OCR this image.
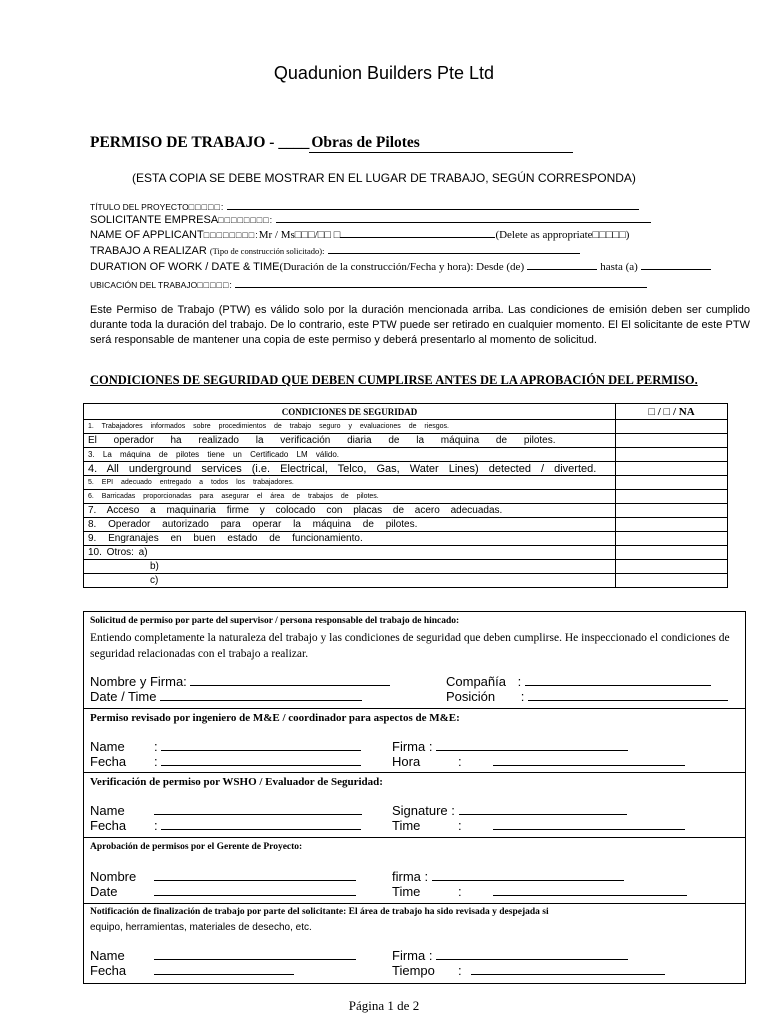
Quadunion Builders Pte Ltd
PERMISO DE TRABAJO - ____ Obras de Pilotes
(ESTA COPIA SE DEBE MOSTRAR EN EL LUGAR DE TRABAJO, SEGÚN CORRESPONDA)
TÍTULO DEL PROYECTO□□□□□:
SOLICITANTE EMPRESA□□□□□□□□:
NAME OF APPLICANT□□□□□□□□:Mr / Ms□□□/□□ □	(Delete as appropriate□□□□□)
TRABAJO A REALIZAR (Tipo de construcción solicitado):
DURATION OF WORK / DATE & TIME(Duración de la construcción/Fecha y hora): Desde (de)	hasta (a)
UBICACIÓN DEL TRABAJO□□□□□:
Este Permiso de Trabajo (PTW) es válido solo por la duración mencionada arriba. Las condiciones de emisión deben ser cumplido durante toda la duración del trabajo. De lo contrario, este PTW puede ser retirado en cualquier momento. El El solicitante de este PTW será responsable de mantener una copia de este permiso y deberá presentarlo al momento de solicitud.
CONDICIONES DE SEGURIDAD QUE DEBEN CUMPLIRSE ANTES DE LA APROBACIÓN DEL PERMISO.
CONDICIONES DE SEGURIDAD	□ / □ / NA
1. Trabajadores informados sobre procedimientos de trabajo seguro y evaluaciones de riesgos.	
El operador ha realizado la verificación diaria de la máquina de pilotes.	
3. La máquina de pilotes tiene un Certificado LM válido.	
4. All underground services (i.e. Electrical, Telco, Gas, Water Lines) detected / diverted.	
5. EPI adecuado entregado a todos los trabajadores.	
6. Barricadas proporcionadas para asegurar el área de trabajos de pilotes.	
7. Acceso a maquinaria firme y colocado con placas de acero adecuadas.	
8. Operador autorizado para operar la máquina de pilotes.	
9. Engranajes en buen estado de funcionamiento.	
10. Otros: a)	
b)	
c)	
Solicitud de permiso por parte del supervisor / persona responsable del trabajo de hincado:
Entiendo completamente la naturaleza del trabajo y las condiciones de seguridad que deben cumplirse. He inspeccionado el condiciones de seguridad relacionadas con el trabajo a realizar.
Nombre y Firma:	Compañía :
Date / Time	Posición :
Permiso revisado por ingeniero de M&E / coordinador para aspectos de M&E:
Name :	Firma :
Fecha :	Hora	:
Verificación de permiso por WSHO / Evaluador de Seguridad:
Name	Signature :
Fecha :	Time	:
Aprobación de permisos por el Gerente de Proyecto:
Nombre	firma :
Date	Time	:
Notificación de finalización de trabajo por parte del solicitante: El área de trabajo ha sido revisada y despejada si
equipo, herramientas, materiales de desecho, etc.
Name	Firma :
Fecha	Tiempo :
Página 1 de 2
